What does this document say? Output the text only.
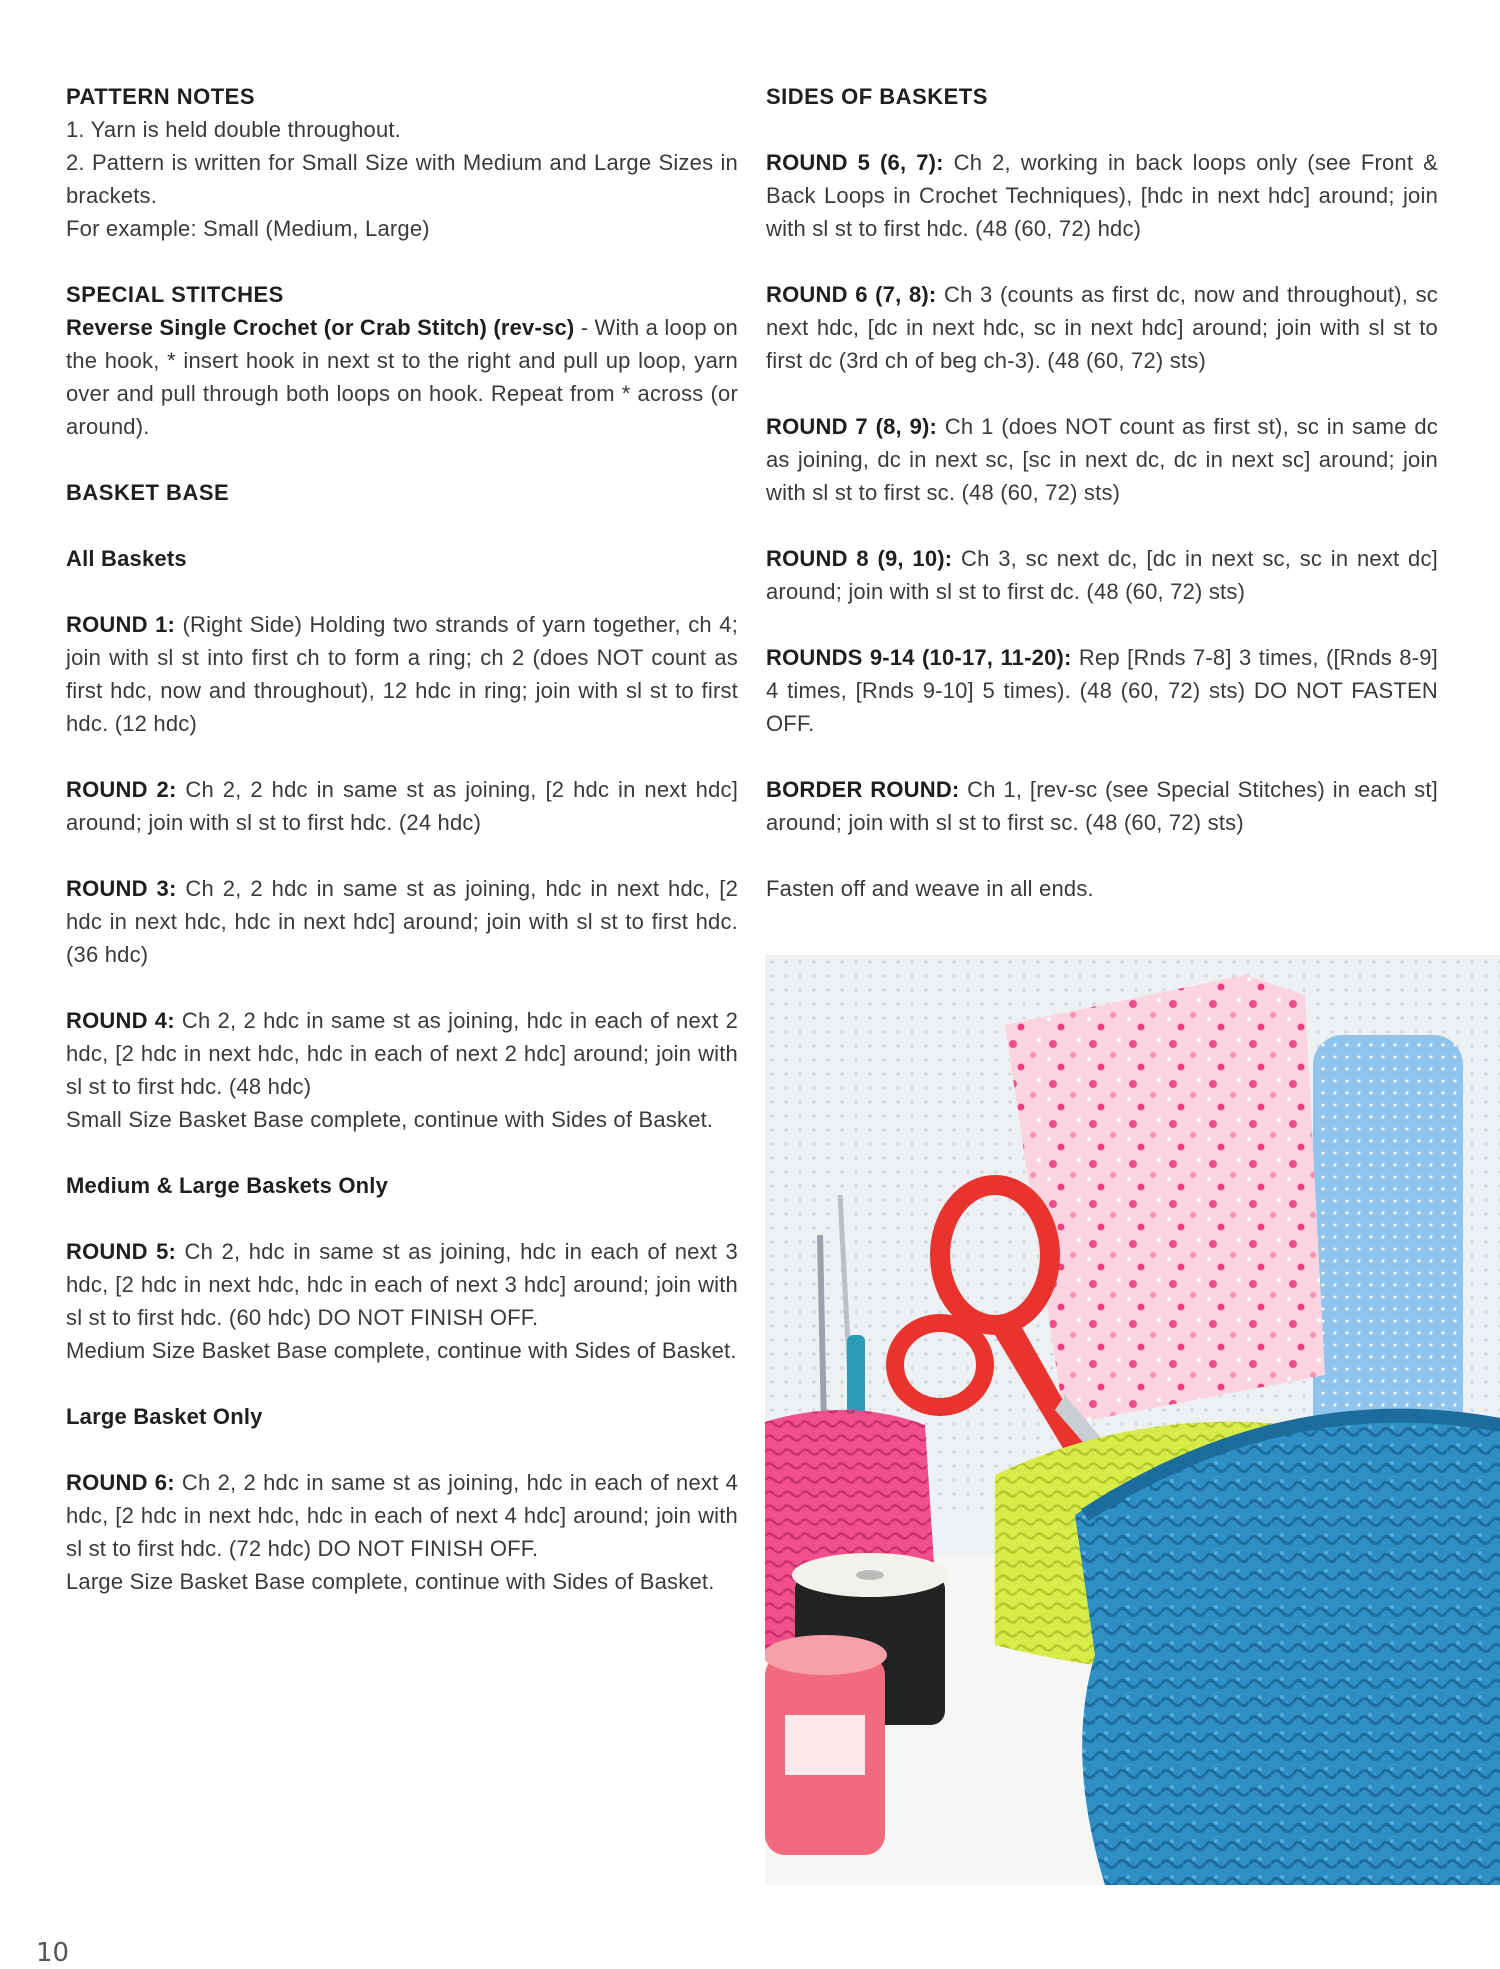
PATTERN NOTES

1. Yarn is held double throughout.
2. Pattern is written for Small Size with Medium and Large Sizes in brackets.
For example: Small (Medium, Large)

SPECIAL STITCHES

Reverse Single Crochet (or Crab Stitch) (rev-sc) - With a loop on the hook, * insert hook in next st to the right and pull up loop, yarn over and pull through both loops on hook. Repeat from * across (or around).

BASKET BASE

All Baskets

ROUND 1: (Right Side) Holding two strands of yarn together, ch 4; join with sl st into first ch to form a ring; ch 2 (does NOT count as first hdc, now and throughout), 12 hdc in ring; join with sl st to first hdc. (12 hdc)

ROUND 2: Ch 2, 2 hdc in same st as joining, [2 hdc in next hdc] around; join with sl st to first hdc. (24 hdc)

ROUND 3: Ch 2, 2 hdc in same st as joining, hdc in next hdc, [2 hdc in next hdc, hdc in next hdc] around; join with sl st to first hdc. (36 hdc)

ROUND 4: Ch 2, 2 hdc in same st as joining, hdc in each of next 2 hdc, [2 hdc in next hdc, hdc in each of next 2 hdc] around; join with sl st to first hdc. (48 hdc)

Small Size Basket Base complete, continue with Sides of Basket.

Medium & Large Baskets Only

ROUND 5: Ch 2, hdc in same st as joining, hdc in each of next 3 hdc, [2 hdc in next hdc, hdc in each of next 3 hdc] around; join with sl st to first hdc. (60 hdc) DO NOT FINISH OFF.

Medium Size Basket Base complete, continue with Sides of Basket.

Large Basket Only

ROUND 6: Ch 2, 2 hdc in same st as joining, hdc in each of next 4 hdc, [2 hdc in next hdc, hdc in each of next 4 hdc] around; join with sl st to first hdc. (72 hdc) DO NOT FINISH OFF.

Large Size Basket Base complete, continue with Sides of Basket.

SIDES OF BASKETS

ROUND 5 (6, 7): Ch 2, working in back loops only (see Front & Back Loops in Crochet Techniques), [hdc in next hdc] around; join with sl st to first hdc. (48 (60, 72) hdc)

ROUND 6 (7, 8): Ch 3 (counts as first dc, now and throughout), sc next hdc, [dc in next hdc, sc in next hdc] around; join with sl st to first dc (3rd ch of beg ch-3). (48 (60, 72) sts)

ROUND 7 (8, 9): Ch 1 (does NOT count as first st), sc in same dc as joining, dc in next sc, [sc in next dc, dc in next sc] around; join with sl st to first sc. (48 (60, 72) sts)

ROUND 8 (9, 10): Ch 3, sc next dc, [dc in next sc, sc in next dc] around; join with sl st to first dc. (48 (60, 72) sts)

ROUNDS 9-14 (10-17, 11-20): Rep [Rnds 7-8] 3 times, ([Rnds 8-9] 4 times, [Rnds 9-10] 5 times). (48 (60, 72) sts) DO NOT FASTEN OFF.

BORDER ROUND: Ch 1, [rev-sc (see Special Stitches) in each st] around; join with sl st to first sc. (48 (60, 72) sts)

Fasten off and weave in all ends.

10
